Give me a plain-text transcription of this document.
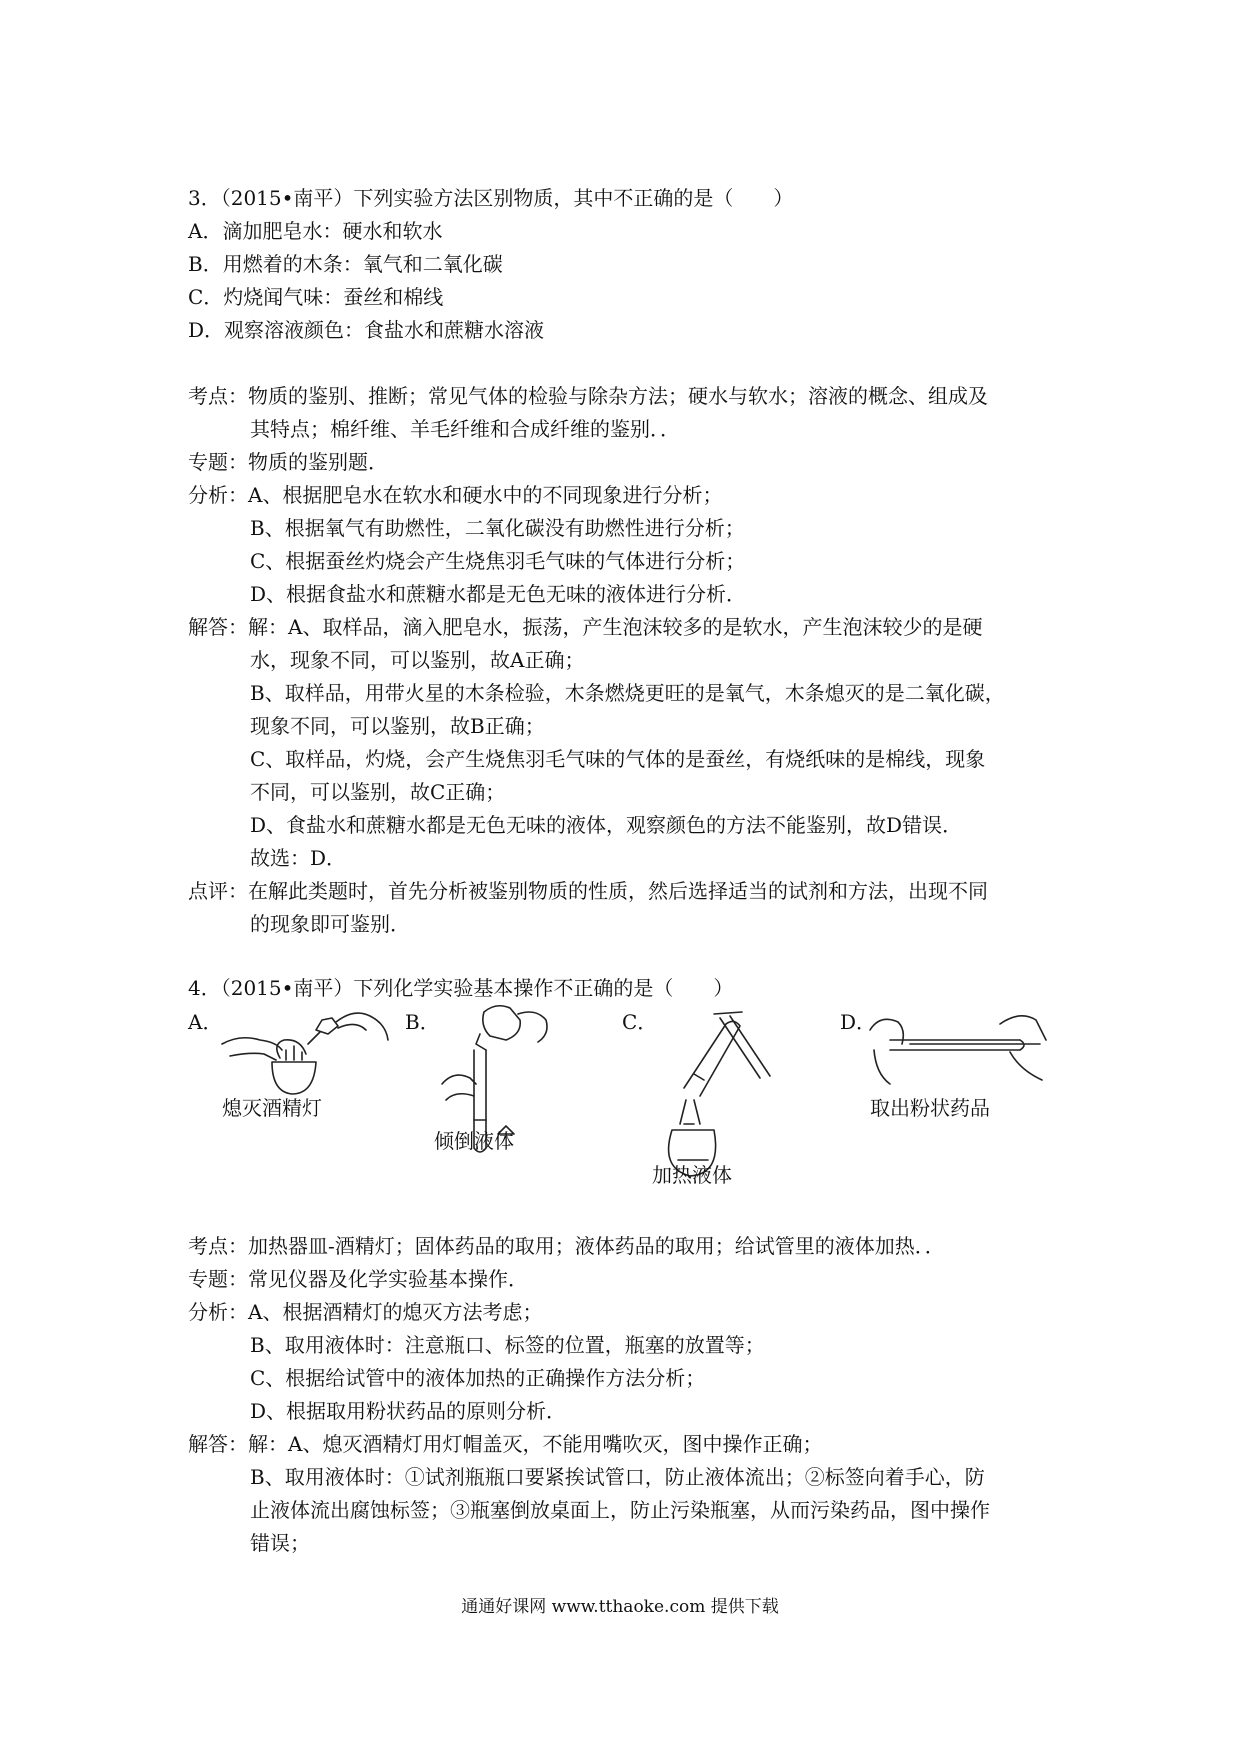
3．（2015•南平）下列实验方法区别物质，其中不正确的是（　　）
A．滴加肥皂水：硬水和软水
B．用燃着的木条：氧气和二氧化碳
C．灼烧闻气味：蚕丝和棉线
D．观察溶液颜色：食盐水和蔗糖水溶液
考点：物质的鉴别、推断；常见气体的检验与除杂方法；硬水与软水；溶液的概念、组成及
其特点；棉纤维、羊毛纤维和合成纤维的鉴别．．
专题：物质的鉴别题．
分析：A、根据肥皂水在软水和硬水中的不同现象进行分析；
B、根据氧气有助燃性，二氧化碳没有助燃性进行分析；
C、根据蚕丝灼烧会产生烧焦羽毛气味的气体进行分析；
D、根据食盐水和蔗糖水都是无色无味的液体进行分析．
解答：解：A、取样品，滴入肥皂水，振荡，产生泡沫较多的是软水，产生泡沫较少的是硬
水，现象不同，可以鉴别，故A正确；
B、取样品，用带火星的木条检验，木条燃烧更旺的是氧气，木条熄灭的是二氧化碳，
现象不同，可以鉴别，故B正确；
C、取样品，灼烧，会产生烧焦羽毛气味的气体的是蚕丝，有烧纸味的是棉线，现象
不同，可以鉴别，故C正确；
D、食盐水和蔗糖水都是无色无味的液体，观察颜色的方法不能鉴别，故D错误．
故选：D．
点评：在解此类题时，首先分析被鉴别物质的性质，然后选择适当的试剂和方法，出现不同
的现象即可鉴别．
4．（2015•南平）下列化学实验基本操作不正确的是（　　）
A．	B．	C．	D．
熄灭酒精灯
倾倒液体
加热液体
取出粉状药品
考点：加热器皿-酒精灯；固体药品的取用；液体药品的取用；给试管里的液体加热．．
专题：常见仪器及化学实验基本操作．
分析：A、根据酒精灯的熄灭方法考虑；
B、取用液体时：注意瓶口、标签的位置，瓶塞的放置等；
C、根据给试管中的液体加热的正确操作方法分析；
D、根据取用粉状药品的原则分析．
解答：解：A、熄灭酒精灯用灯帽盖灭，不能用嘴吹灭，图中操作正确；
B、取用液体时：①试剂瓶瓶口要紧挨试管口，防止液体流出；②标签向着手心，防
止液体流出腐蚀标签；③瓶塞倒放桌面上，防止污染瓶塞，从而污染药品，图中操作
错误；
通通好课网 www.tthaoke.com 提供下载
